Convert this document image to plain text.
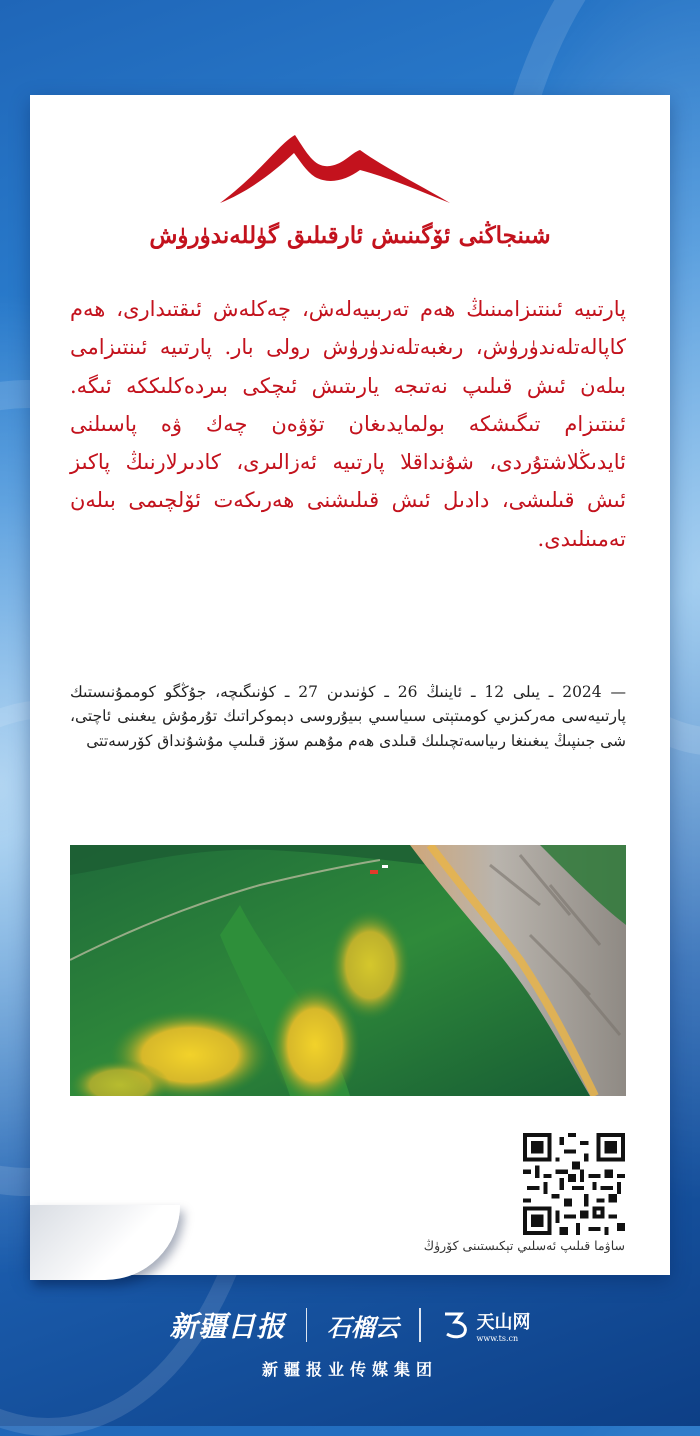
شىنجاڭنى ئۆگىنىش ئارقىلىق گۈللەندۈرۈش
پارتىيە ئىنتىزامىنىڭ ھەم تەربىيەلەش، چەكلەش ئىقتىدارى، ھەم كاپالەتلەندۈرۈش، رىغبەتلەندۈرۈش رولى بار. پارتىيە ئىنتىزامى بىلەن ئىش قىلىپ نەتىجە يارىتىش ئىچكى بىردەكلىككە ئىگە. ئىنتىزام تىگىشكە بولمايدىغان تۆۋەن چەك ۋە پاسىلنى ئايدىڭلاشتۇردى، شۇنداقلا پارتىيە ئەزالىرى، كادىرلارنىڭ پاكىز ئىش قىلىشى، دادىل ئىش قىلىشنى ھەرىكەت ئۆلچىمى بىلەن تەمىنلىدى.
— 2024 ـ يىلى 12 ـ ئاينىڭ 26 ـ كۈنىدىن 27 ـ كۈنىگىچە، جۇڭگو كوممۇنىستىك پارتىيەسى مەركىزىي كومىتېتى سىياسىي بىيۇروسى دېموكراتىك تۇرمۇش يىغىنى ئاچتى، شى جىنپىڭ يىغىنغا رىياسەتچىلىك قىلدى ھەم مۇھىم سۆز قىلىپ مۇشۇنداق كۆرسەتتى
ساۋما قىلىپ ئەسلىي تېكىستىنى كۆرۈڭ
新疆日报 石榴云	天山网
www.ts.cn
新疆报业传媒集团
